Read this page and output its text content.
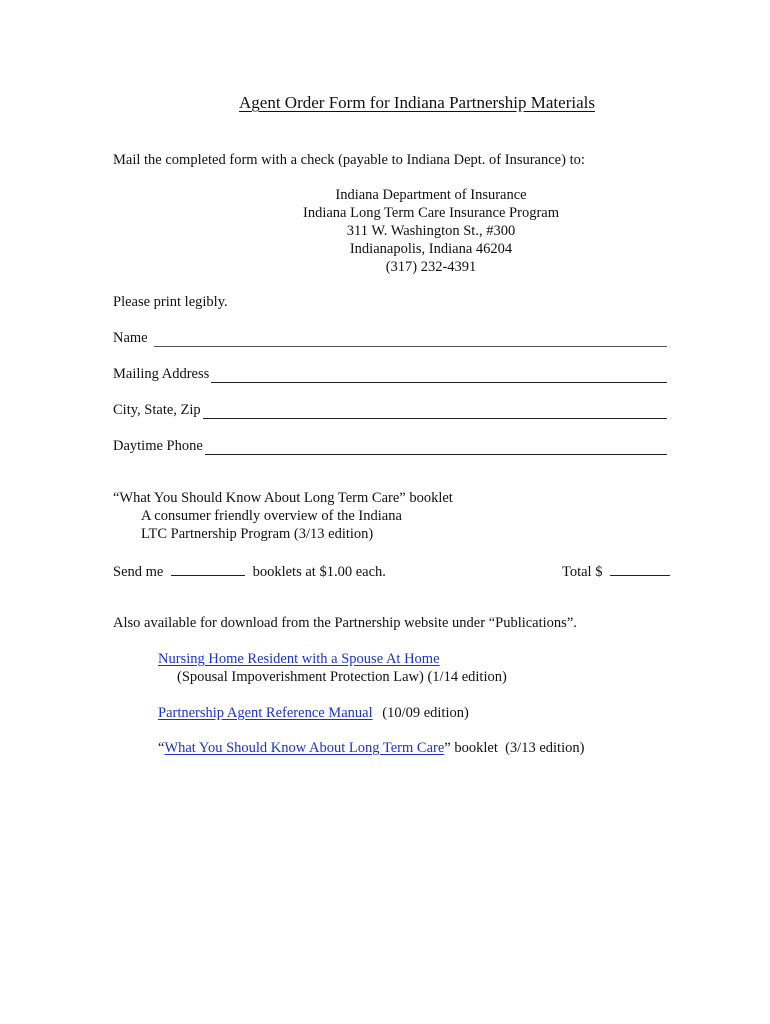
Agent Order Form for Indiana Partnership Materials
Mail the completed form with a check (payable to Indiana Dept. of Insurance) to:
Indiana Department of Insurance
Indiana Long Term Care Insurance Program
311 W. Washington St., #300
Indianapolis, Indiana 46204
(317) 232-4391
Please print legibly.
Name
Mailing Address
City, State, Zip
Daytime Phone
“What You Should Know About Long Term Care” booklet
A consumer friendly overview of the Indiana
LTC Partnership Program (3/13 edition)
Send me	booklets at $1.00 each.	Total $
Also available for download from the Partnership website under “Publications”.
Nursing Home Resident with a Spouse At Home
(Spousal Impoverishment Protection Law) (1/14 edition)
Partnership Agent Reference Manual (10/09 edition)
“What You Should Know About Long Term Care” booklet  (3/13 edition)
